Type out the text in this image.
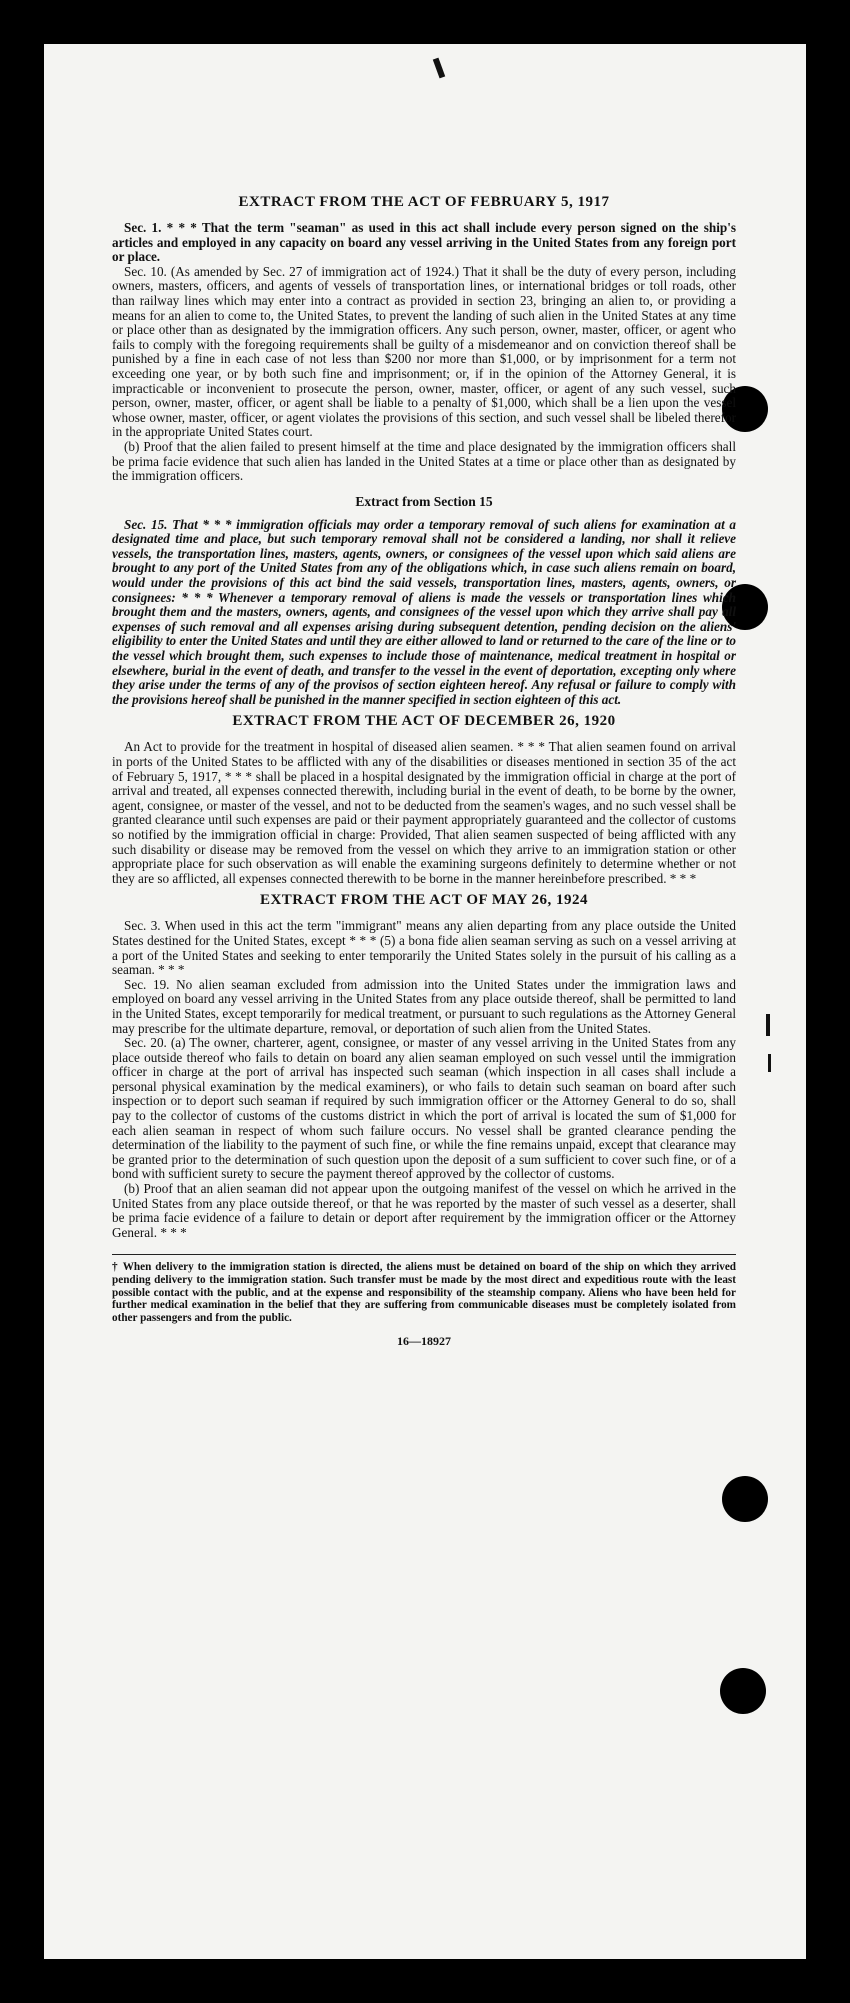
EXTRACT FROM THE ACT OF FEBRUARY 5, 1917

Sec. 1. * * * That the term "seaman" as used in this act shall include every person signed on the ship's articles and employed in any capacity on board any vessel arriving in the United States from any foreign port or place.

Sec. 10. (As amended by Sec. 27 of immigration act of 1924.) That it shall be the duty of every person, including owners, masters, officers, and agents of vessels of transportation lines, or international bridges or toll roads, other than railway lines which may enter into a contract as provided in section 23, bringing an alien to, or providing a means for an alien to come to, the United States, to prevent the landing of such alien in the United States at any time or place other than as designated by the immigration officers. Any such person, owner, master, officer, or agent who fails to comply with the foregoing requirements shall be guilty of a misdemeanor and on conviction thereof shall be punished by a fine in each case of not less than $200 nor more than $1,000, or by imprisonment for a term not exceeding one year, or by both such fine and imprisonment; or, if in the opinion of the Attorney General, it is impracticable or inconvenient to prosecute the person, owner, master, officer, or agent of any such vessel, such person, owner, master, officer, or agent shall be liable to a penalty of $1,000, which shall be a lien upon the vessel whose owner, master, officer, or agent violates the provisions of this section, and such vessel shall be libeled therefor in the appropriate United States court.

(b) Proof that the alien failed to present himself at the time and place designated by the immigration officers shall be prima facie evidence that such alien has landed in the United States at a time or place other than as designated by the immigration officers.

Extract from Section 15

Sec. 15. That * * * immigration officials may order a temporary removal of such aliens for examination at a designated time and place, but such temporary removal shall not be considered a landing, nor shall it relieve vessels, the transportation lines, masters, agents, owners, or consignees of the vessel upon which said aliens are brought to any port of the United States from any of the obligations which, in case such aliens remain on board, would under the provisions of this act bind the said vessels, transportation lines, masters, agents, owners, or consignees: * * * Whenever a temporary removal of aliens is made the vessels or transportation lines which brought them and the masters, owners, agents, and consignees of the vessel upon which they arrive shall pay all expenses of such removal and all expenses arising during subsequent detention, pending decision on the aliens' eligibility to enter the United States and until they are either allowed to land or returned to the care of the line or to the vessel which brought them, such expenses to include those of maintenance, medical treatment in hospital or elsewhere, burial in the event of death, and transfer to the vessel in the event of deportation, excepting only where they arise under the terms of any of the provisos of section eighteen hereof. Any refusal or failure to comply with the provisions hereof shall be punished in the manner specified in section eighteen of this act.

EXTRACT FROM THE ACT OF DECEMBER 26, 1920

An Act to provide for the treatment in hospital of diseased alien seamen. * * * That alien seamen found on arrival in ports of the United States to be afflicted with any of the disabilities or diseases mentioned in section 35 of the act of February 5, 1917, * * * shall be placed in a hospital designated by the immigration official in charge at the port of arrival and treated, all expenses connected therewith, including burial in the event of death, to be borne by the owner, agent, consignee, or master of the vessel, and not to be deducted from the seamen's wages, and no such vessel shall be granted clearance until such expenses are paid or their payment appropriately guaranteed and the collector of customs so notified by the immigration official in charge: Provided, That alien seamen suspected of being afflicted with any such disability or disease may be removed from the vessel on which they arrive to an immigration station or other appropriate place for such observation as will enable the examining surgeons definitely to determine whether or not they are so afflicted, all expenses connected therewith to be borne in the manner hereinbefore prescribed. * * *

EXTRACT FROM THE ACT OF MAY 26, 1924

Sec. 3. When used in this act the term "immigrant" means any alien departing from any place outside the United States destined for the United States, except * * * (5) a bona fide alien seaman serving as such on a vessel arriving at a port of the United States and seeking to enter temporarily the United States solely in the pursuit of his calling as a seaman. * * *

Sec. 19. No alien seaman excluded from admission into the United States under the immigration laws and employed on board any vessel arriving in the United States from any place outside thereof, shall be permitted to land in the United States, except temporarily for medical treatment, or pursuant to such regulations as the Attorney General may prescribe for the ultimate departure, removal, or deportation of such alien from the United States.

Sec. 20. (a) The owner, charterer, agent, consignee, or master of any vessel arriving in the United States from any place outside thereof who fails to detain on board any alien seaman employed on such vessel until the immigration officer in charge at the port of arrival has inspected such seaman (which inspection in all cases shall include a personal physical examination by the medical examiners), or who fails to detain such seaman on board after such inspection or to deport such seaman if required by such immigration officer or the Attorney General to do so, shall pay to the collector of customs of the customs district in which the port of arrival is located the sum of $1,000 for each alien seaman in respect of whom such failure occurs. No vessel shall be granted clearance pending the determination of the liability to the payment of such fine, or while the fine remains unpaid, except that clearance may be granted prior to the determination of such question upon the deposit of a sum sufficient to cover such fine, or of a bond with sufficient surety to secure the payment thereof approved by the collector of customs.

(b) Proof that an alien seaman did not appear upon the outgoing manifest of the vessel on which he arrived in the United States from any place outside thereof, or that he was reported by the master of such vessel as a deserter, shall be prima facie evidence of a failure to detain or deport after requirement by the immigration officer or the Attorney General. * * *

† When delivery to the immigration station is directed, the aliens must be detained on board of the ship on which they arrived pending delivery to the immigration station. Such transfer must be made by the most direct and expeditious route with the least possible contact with the public, and at the expense and responsibility of the steamship company. Aliens who have been held for further medical examination in the belief that they are suffering from communicable diseases must be completely isolated from other passengers and from the public.
16—18927
